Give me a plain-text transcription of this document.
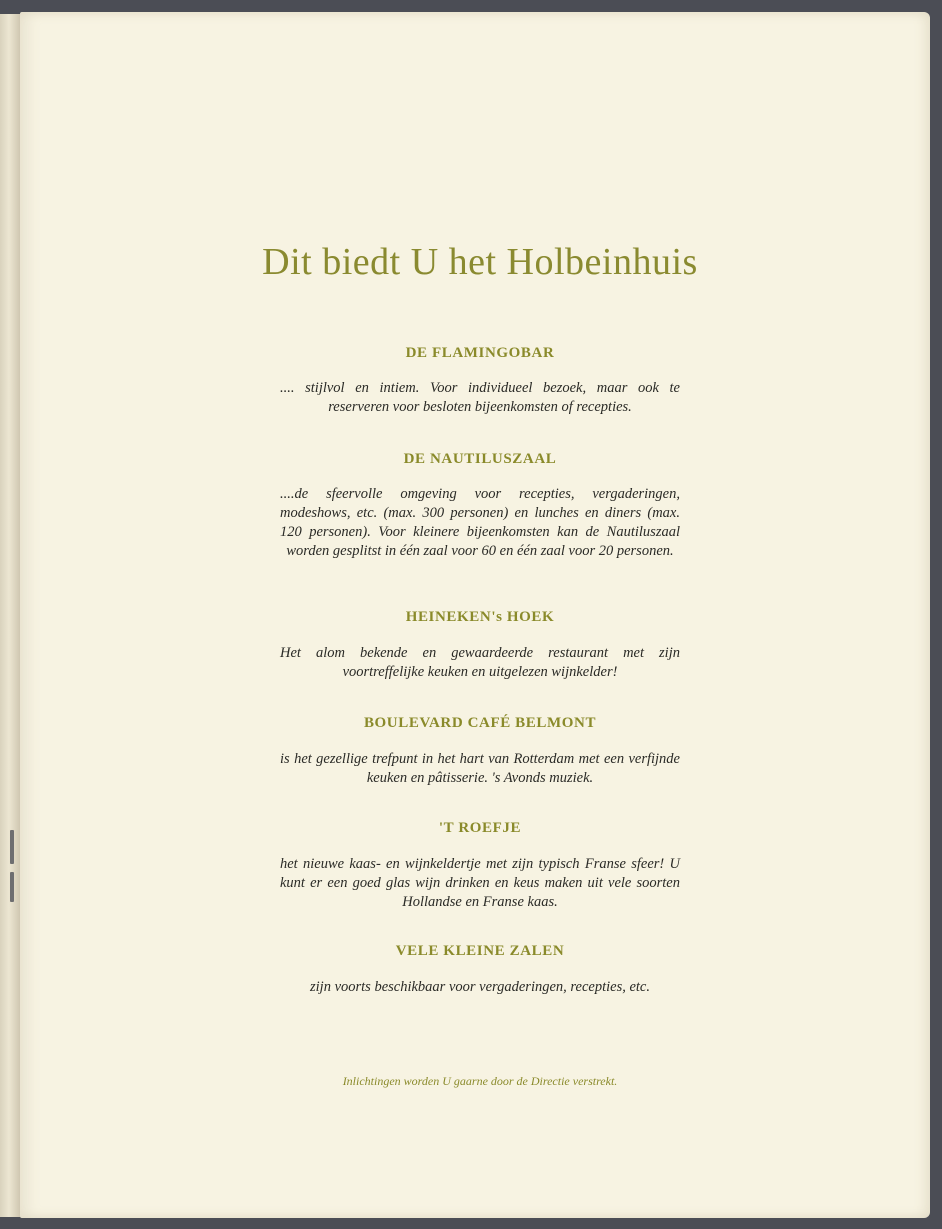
Dit biedt U het Holbeinhuis
DE FLAMINGOBAR

.... stijlvol en intiem. Voor individueel bezoek, maar ook te reserveren voor besloten bijeenkomsten of recepties.

DE NAUTILUSZAAL

....de sfeervolle omgeving voor recepties, vergaderingen, modeshows, etc. (max. 300 personen) en lunches en diners (max. 120 personen). Voor kleinere bijeenkomsten kan de Nautiluszaal worden gesplitst in één zaal voor 60 en één zaal voor 20 personen.

HEINEKEN's HOEK

Het alom bekende en gewaardeerde restaurant met zijn voortreffelijke keuken en uitgelezen wijnkelder!

BOULEVARD CAFÉ BELMONT

is het gezellige trefpunt in het hart van Rotterdam met een verfijnde keuken en pâtisserie. 's Avonds muziek.

'T ROEFJE

het nieuwe kaas- en wijnkeldertje met zijn typisch Franse sfeer! U kunt er een goed glas wijn drinken en keus maken uit vele soorten Hollandse en Franse kaas.

VELE KLEINE ZALEN

zijn voorts beschikbaar voor vergaderingen, recepties, etc.

Inlichtingen worden U gaarne door de Directie verstrekt.
